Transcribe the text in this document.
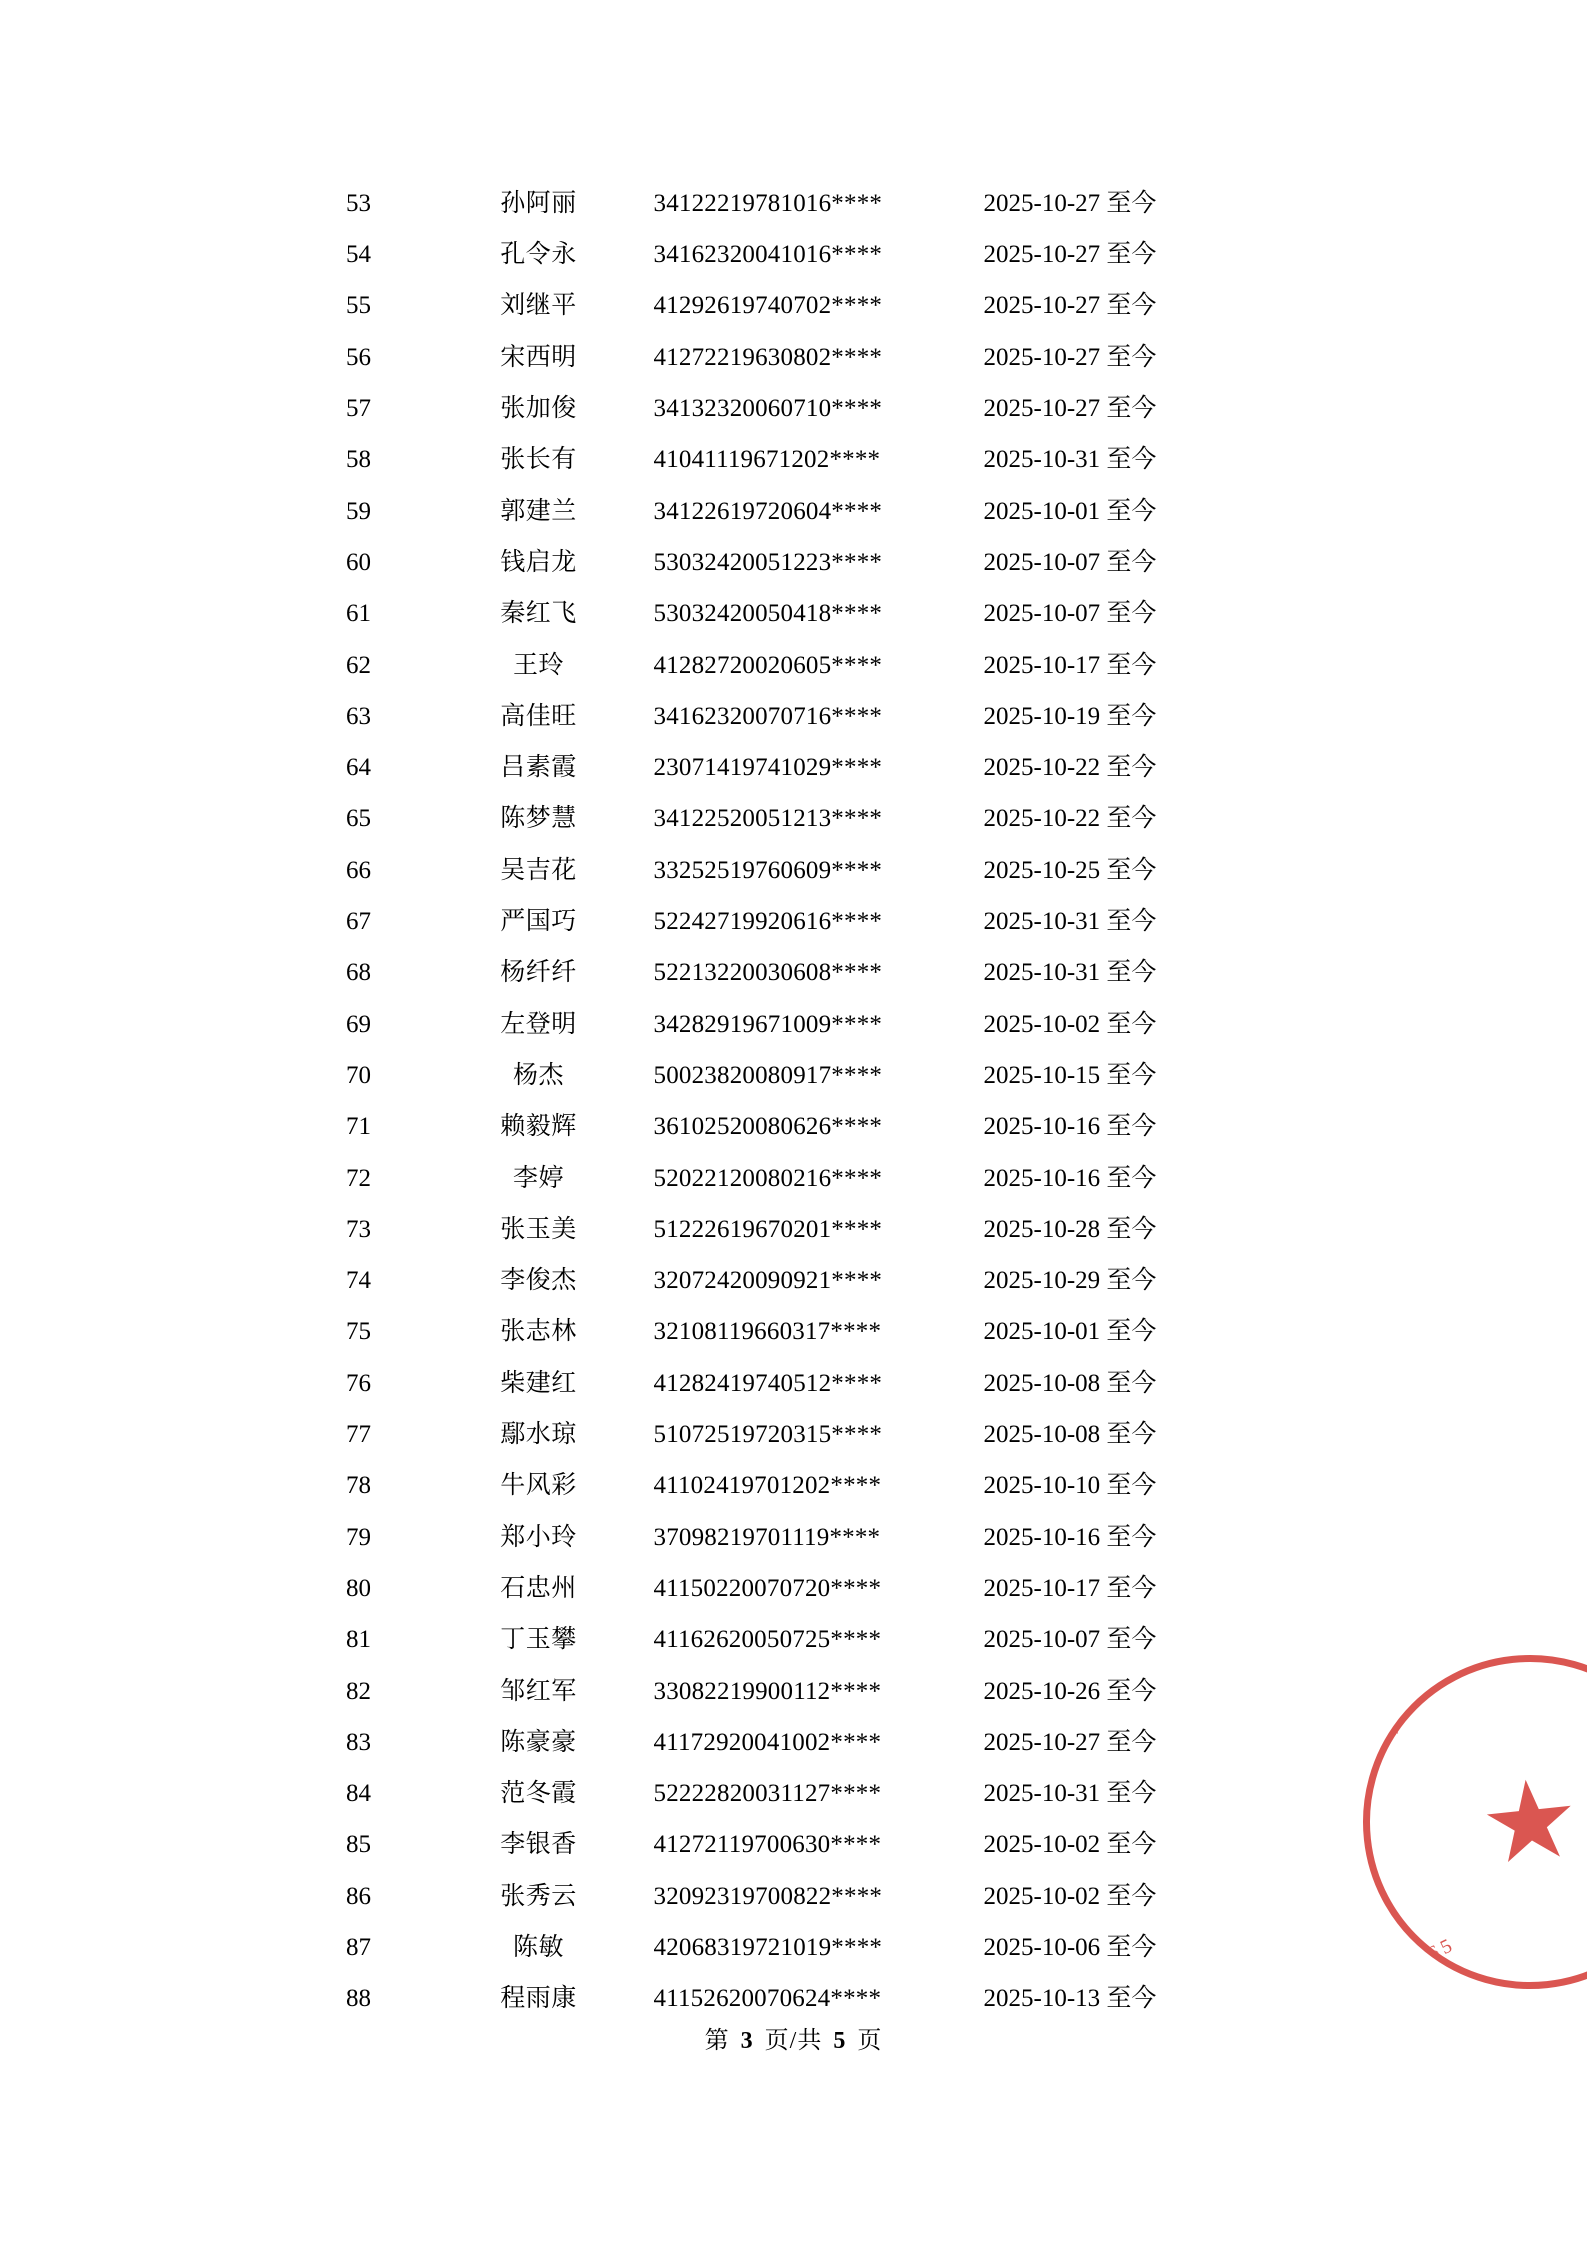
53	孙阿丽	34122219781016****	2025-10-27 至今
54	孔令永	34162320041016****	2025-10-27 至今
55	刘继平	41292619740702****	2025-10-27 至今
56	宋西明	41272219630802****	2025-10-27 至今
57	张加俊	34132320060710****	2025-10-27 至今
58	张长有	41041119671202****	2025-10-31 至今
59	郭建兰	34122619720604****	2025-10-01 至今
60	钱启龙	53032420051223****	2025-10-07 至今
61	秦红飞	53032420050418****	2025-10-07 至今
62	王玲	41282720020605****	2025-10-17 至今
63	高佳旺	34162320070716****	2025-10-19 至今
64	吕素霞	23071419741029****	2025-10-22 至今
65	陈梦慧	34122520051213****	2025-10-22 至今
66	吴吉花	33252519760609****	2025-10-25 至今
67	严国巧	52242719920616****	2025-10-31 至今
68	杨纤纤	52213220030608****	2025-10-31 至今
69	左登明	34282919671009****	2025-10-02 至今
70	杨杰	50023820080917****	2025-10-15 至今
71	赖毅辉	36102520080626****	2025-10-16 至今
72	李婷	52022120080216****	2025-10-16 至今
73	张玉美	51222619670201****	2025-10-28 至今
74	李俊杰	32072420090921****	2025-10-29 至今
75	张志林	32108119660317****	2025-10-01 至今
76	柴建红	41282419740512****	2025-10-08 至今
77	鄢水琼	51072519720315****	2025-10-08 至今
78	牛风彩	41102419701202****	2025-10-10 至今
79	郑小玲	37098219701119****	2025-10-16 至今
80	石忠州	41150220070720****	2025-10-17 至今
81	丁玉攀	41162620050725****	2025-10-07 至今
82	邹红军	33082219900112****	2025-10-26 至今
83	陈豪豪	41172920041002****	2025-10-27 至今
84	范冬霞	52222820031127****	2025-10-31 至今
85	李银香	41272119700630****	2025-10-02 至今
86	张秀云	32092319700822****	2025-10-02 至今
87	陈敏	42068319721019****	2025-10-06 至今
88	程雨康	41152620070624****	2025-10-13 至今
博
★
1565
第 3 页/共 5 页
